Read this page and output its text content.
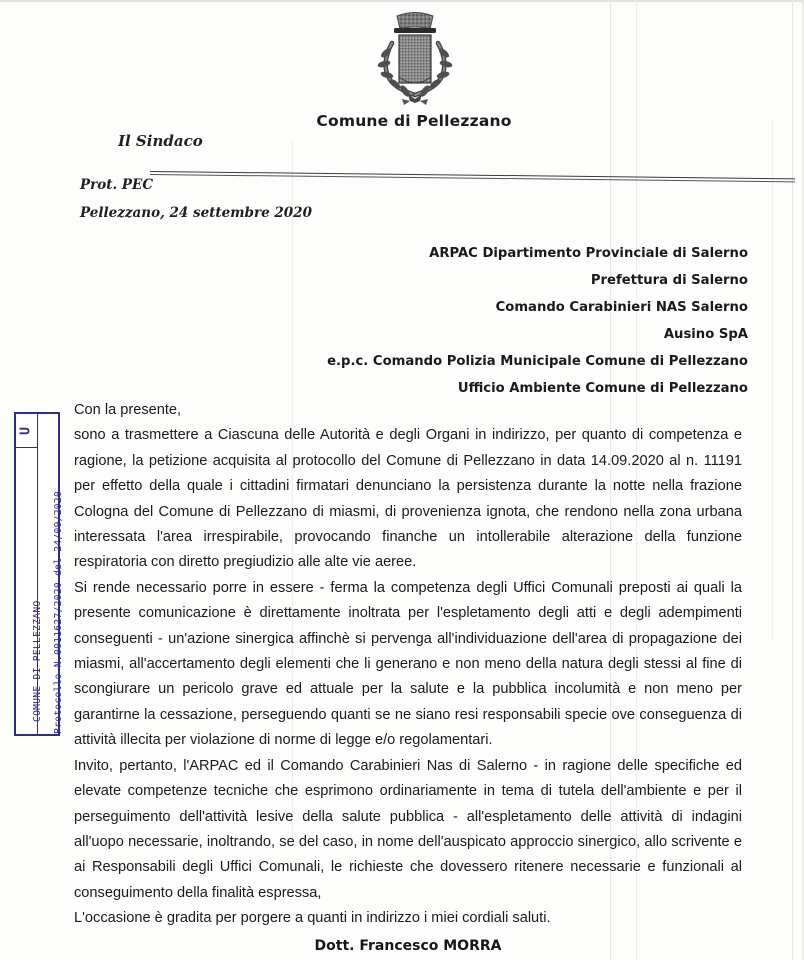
Comune di Pellezzano
Il Sindaco
Prot. PEC
Pellezzano, 24 settembre 2020
ARPAC Dipartimento Provinciale di Salerno
Prefettura di Salerno
Comando Carabinieri NAS Salerno
Ausino SpA
e.p.c. Comando Polizia Municipale Comune di Pellezzano
Ufficio Ambiente Comune di Pellezzano
U
COMUNE DI PELLEZZANO Protocollo N.0011627/2020 del 24/09/2020

Con la presente,

sono a trasmettere a Ciascuna delle Autorità e degli Organi in indirizzo, per quanto di competenza e ragione, la petizione acquisita al protocollo del Comune di Pellezzano in data 14.09.2020 al n. 11191 per effetto della quale i cittadini firmatari denunciano la persistenza durante la notte nella frazione Cologna del Comune di Pellezzano di miasmi, di provenienza ignota, che rendono nella zona urbana interessata l'area irrespirabile, provocando finanche un intollerabile alterazione della funzione respiratoria con diretto pregiudizio alle alte vie aeree.

Si rende necessario porre in essere - ferma la competenza degli Uffici Comunali preposti ai quali la presente comunicazione è direttamente inoltrata per l'espletamento degli atti e degli adempimenti conseguenti - un'azione sinergica affinchè si pervenga all'individuazione dell'area di propagazione dei miasmi, all'accertamento degli elementi che li generano e non meno della natura degli stessi al fine di scongiurare un pericolo grave ed attuale per la salute e la pubblica incolumità e non meno per garantirne la cessazione, perseguendo quanti se ne siano resi responsabili specie ove conseguenza di attività illecita per violazione di norme di legge e/o regolamentari.

Invito, pertanto, l'ARPAC ed il Comando Carabinieri Nas di Salerno - in ragione delle specifiche ed elevate competenze tecniche che esprimono ordinariamente in tema di tutela dell'ambiente e per il perseguimento dell'attività lesive della salute pubblica - all'espletamento delle attività di indagini all'uopo necessarie, inoltrando, se del caso, in nome dell'auspicato approccio sinergico, allo scrivente e ai Responsabili degli Uffici Comunali, le richieste che dovessero ritenere necessarie e funzionali al conseguimento della finalità espressa,

L'occasione è gradita per porgere a quanti in indirizzo i miei cordiali saluti.

Dott. Francesco MORRA
